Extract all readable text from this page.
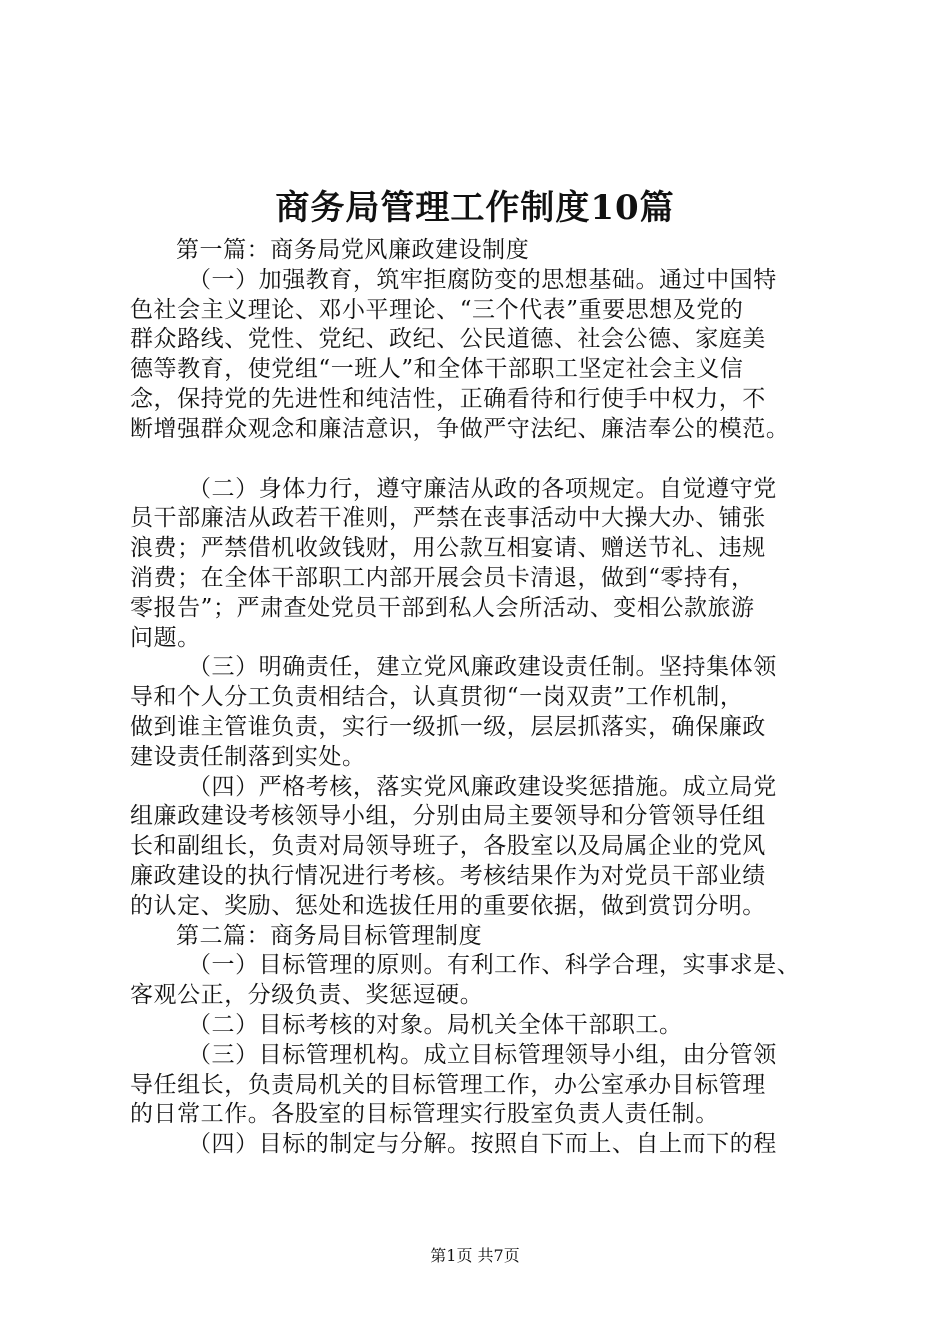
商务局管理工作制度10篇
第一篇：商务局党风廉政建设制度
（一）加强教育，筑牢拒腐防变的思想基础。通过中国特
色社会主义理论、邓小平理论、“三个代表”重要思想及党的
群众路线、党性、党纪、政纪、公民道德、社会公德、家庭美
德等教育，使党组“一班人”和全体干部职工坚定社会主义信
念，保持党的先进性和纯洁性，正确看待和行使手中权力，不
断增强群众观念和廉洁意识，争做严守法纪、廉洁奉公的模范。
（二）身体力行，遵守廉洁从政的各项规定。自觉遵守党
员干部廉洁从政若干准则，严禁在丧事活动中大操大办、铺张
浪费；严禁借机收敛钱财，用公款互相宴请、赠送节礼、违规
消费；在全体干部职工内部开展会员卡清退，做到“零持有，
零报告”；严肃查处党员干部到私人会所活动、变相公款旅游
问题。
（三）明确责任，建立党风廉政建设责任制。坚持集体领
导和个人分工负责相结合，认真贯彻“一岗双责”工作机制，
做到谁主管谁负责，实行一级抓一级，层层抓落实，确保廉政
建设责任制落到实处。
（四）严格考核，落实党风廉政建设奖惩措施。成立局党
组廉政建设考核领导小组，分别由局主要领导和分管领导任组
长和副组长，负责对局领导班子，各股室以及局属企业的党风
廉政建设的执行情况进行考核。考核结果作为对党员干部业绩
的认定、奖励、惩处和选拔任用的重要依据，做到赏罚分明。
第二篇：商务局目标管理制度
（一）目标管理的原则。有利工作、科学合理，实事求是、
客观公正，分级负责、奖惩逗硬。
（二）目标考核的对象。局机关全体干部职工。
（三）目标管理机构。成立目标管理领导小组，由分管领
导任组长，负责局机关的目标管理工作，办公室承办目标管理
的日常工作。各股室的目标管理实行股室负责人责任制。
（四）目标的制定与分解。按照自下而上、自上而下的程
第1页 共7页
